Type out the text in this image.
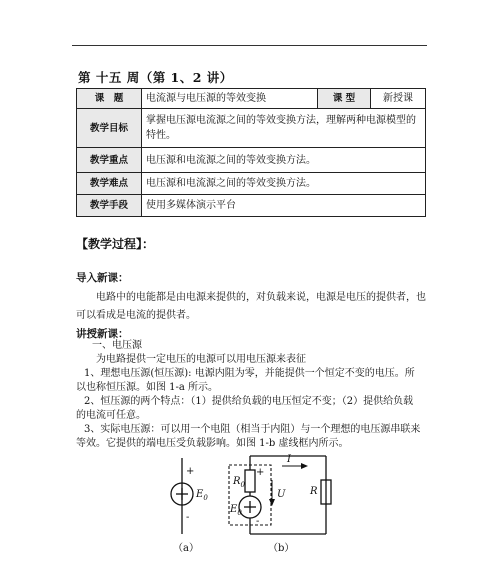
第 十五 周（第 1、2 讲）
课　题	电流源与电压源的等效变换	课 型	新授课
教学目标	掌握电压源电流源之间的等效变换方法，理解两种电源模型的特性。		
教学重点	电压源和电流源之间的等效变换方法。		
教学难点	电压源和电流源之间的等效变换方法。		
教学手段	使用多媒体演示平台		
【教学过程】：
导入新课：
电路中的电能都是由电源来提供的，对负载来说，电源是电压的提供者，也
可以看成是电流的提供者。
讲授新课：
一、电压源
为电路提供一定电压的电源可以用电压源来表征
1、理想电压源(恒压源): 电源内阻为零，并能提供一个恒定不变的电压。所
以也称恒压源。如图 1-a 所示。
2、恒压源的两个特点：（1）提供给负载的电压恒定不变；（2）提供给负载
的电流可任意。
3、实际电压源：可以用一个电阻（相当于内阻）与一个理想的电压源串联来
等效。它提供的端电压受负载影响。如图 1-b 虚线框内所示。
+
-
$E_0$
（a）
I
U
$R_0$
$E_0$
+
-
R
（b）
